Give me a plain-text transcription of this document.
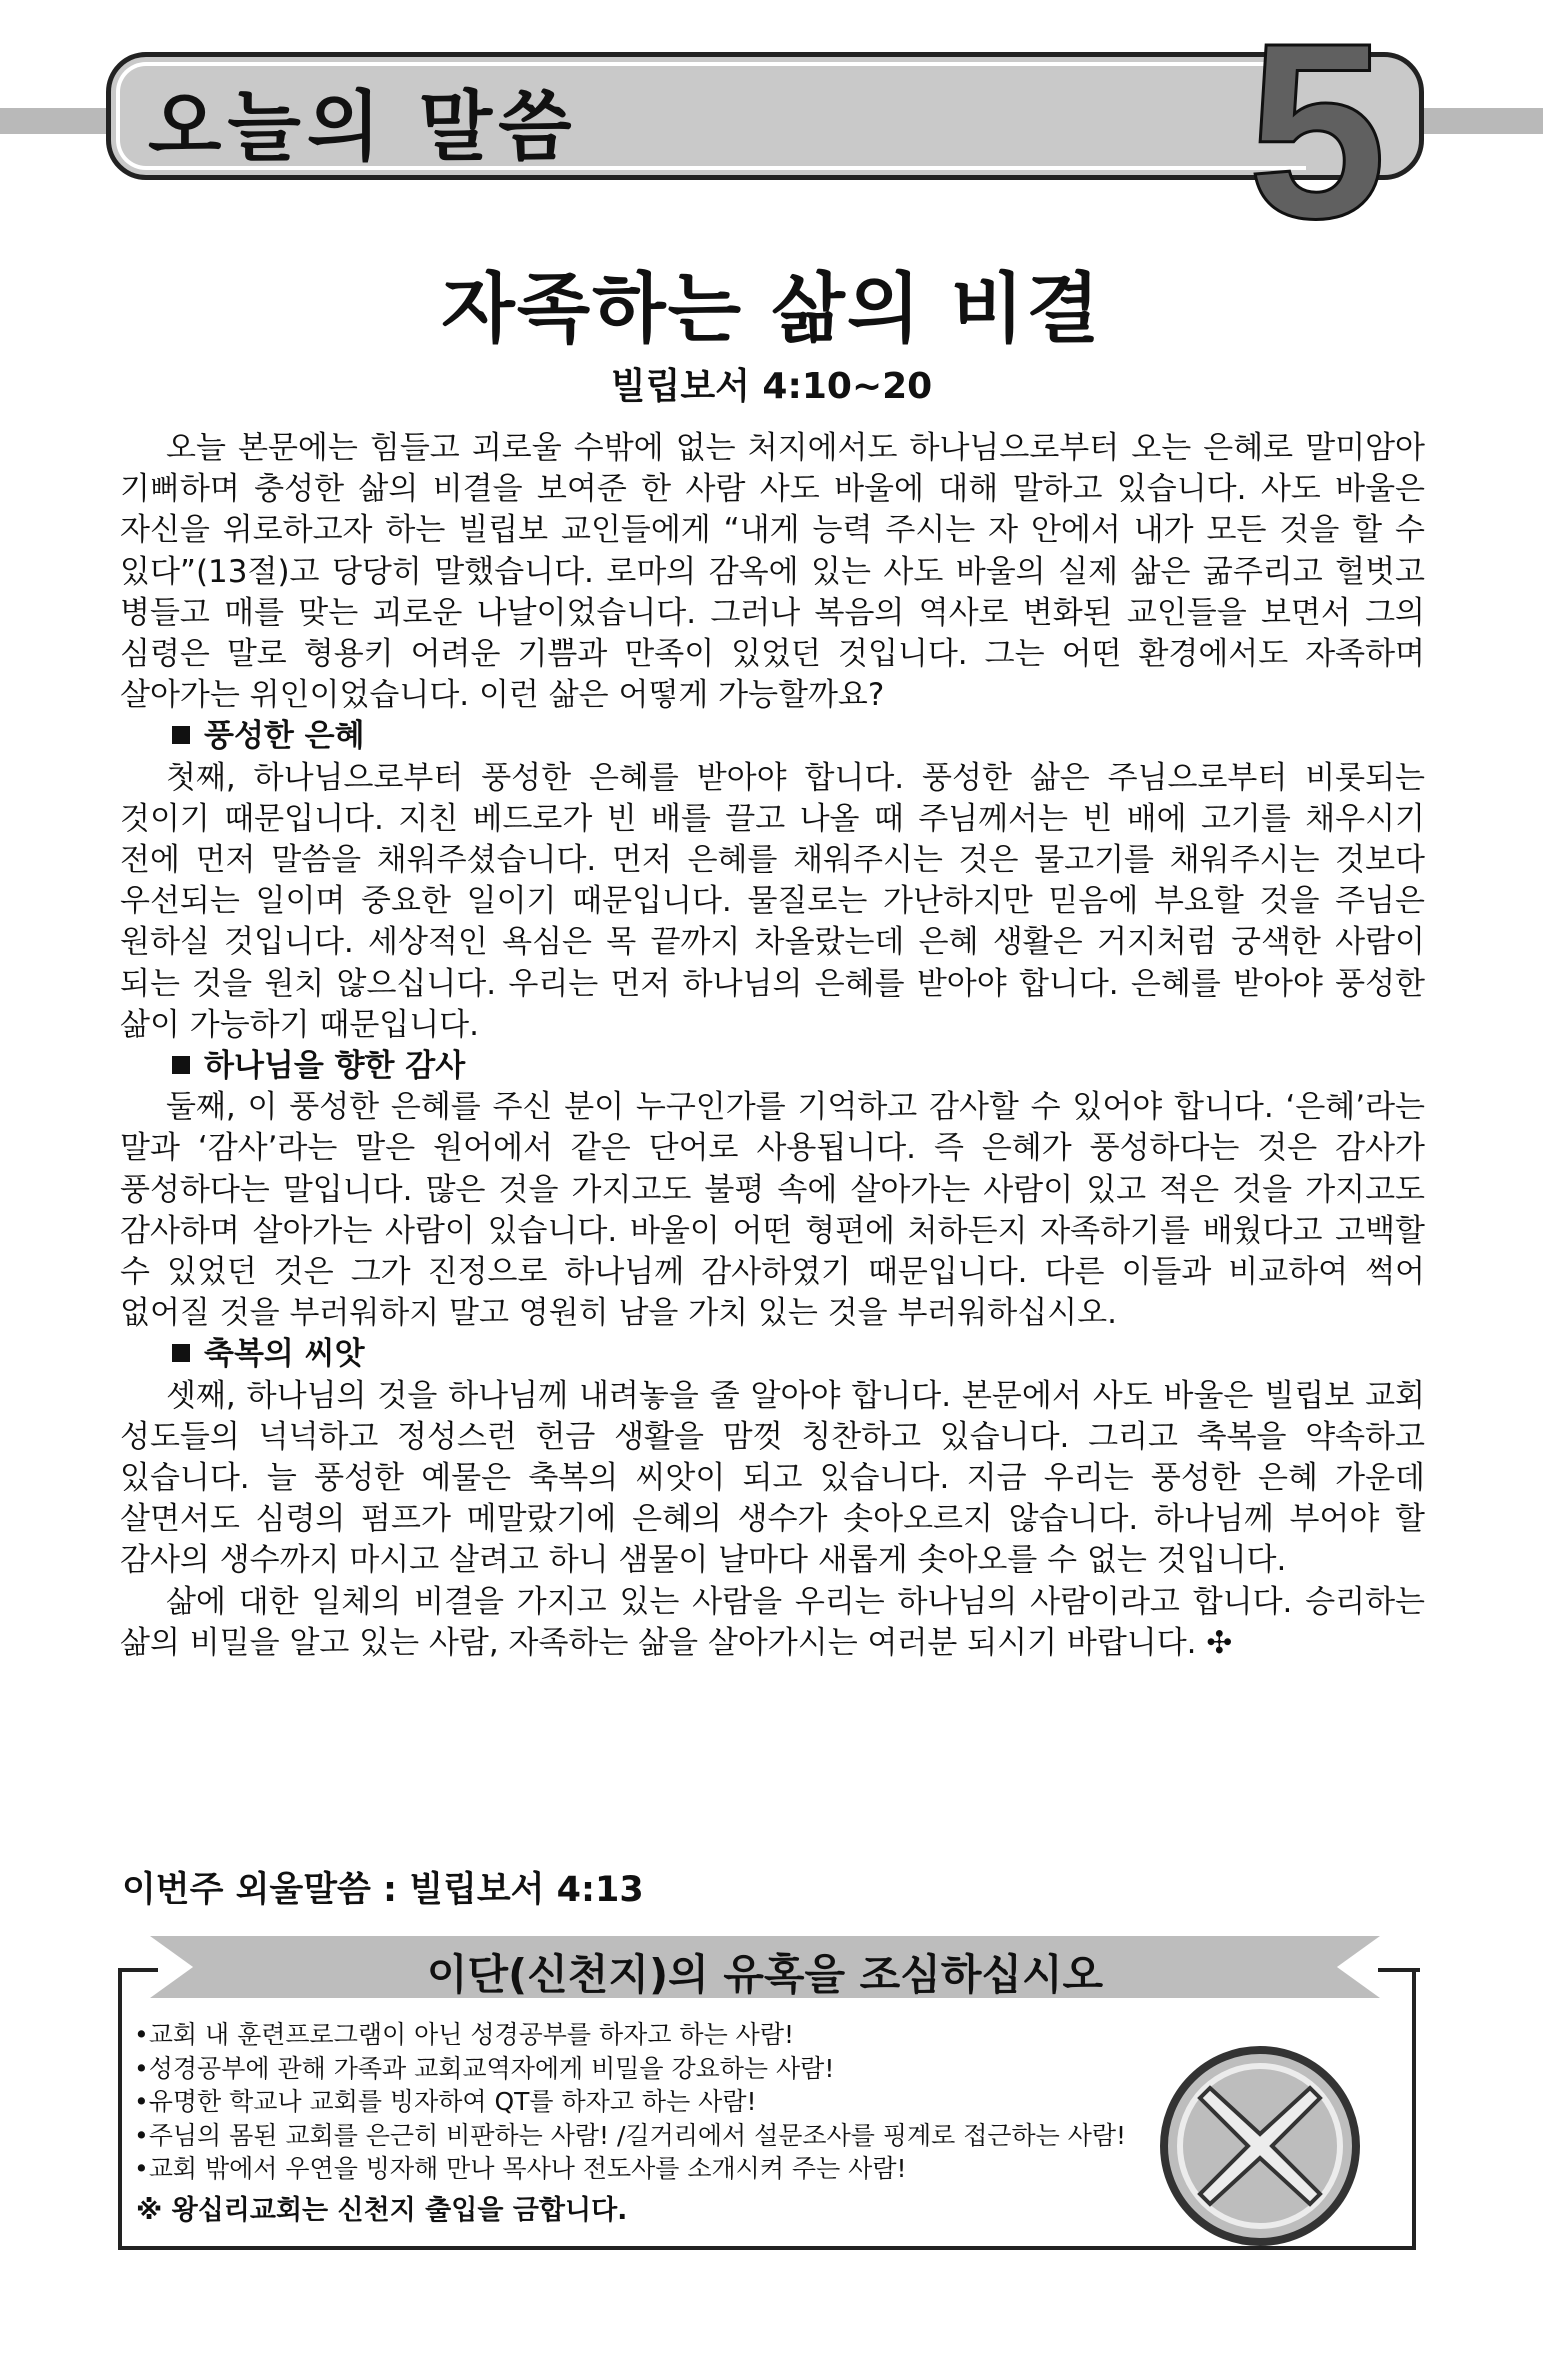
오늘의 말씀	5
자족하는 삶의 비결
빌립보서 4:10~20

오늘 본문에는 힘들고 괴로울 수밖에 없는 처지에서도 하나님으로부터 오는 은혜로 말미암아 기뻐하며 충성한 삶의 비결을 보여준 한 사람 사도 바울에 대해 말하고 있습니다. 사도 바울은 자신을 위로하고자 하는 빌립보 교인들에게 “내게 능력 주시는 자 안에서 내가 모든 것을 할 수 있다”(13절)고 당당히 말했습니다. 로마의 감옥에 있는 사도 바울의 실제 삶은 굶주리고 헐벗고 병들고 매를 맞는 괴로운 나날이었습니다. 그러나 복음의 역사로 변화된 교인들을 보면서 그의 심령은 말로 형용키 어려운 기쁨과 만족이 있었던 것입니다. 그는 어떤 환경에서도 자족하며 살아가는 위인이었습니다. 이런 삶은 어떻게 가능할까요?

풍성한 은혜

첫째, 하나님으로부터 풍성한 은혜를 받아야 합니다. 풍성한 삶은 주님으로부터 비롯되는 것이기 때문입니다. 지친 베드로가 빈 배를 끌고 나올 때 주님께서는 빈 배에 고기를 채우시기 전에 먼저 말씀을 채워주셨습니다. 먼저 은혜를 채워주시는 것은 물고기를 채워주시는 것보다 우선되는 일이며 중요한 일이기 때문입니다. 물질로는 가난하지만 믿음에 부요할 것을 주님은 원하실 것입니다. 세상적인 욕심은 목 끝까지 차올랐는데 은혜 생활은 거지처럼 궁색한 사람이 되는 것을 원치 않으십니다. 우리는 먼저 하나님의 은혜를 받아야 합니다. 은혜를 받아야 풍성한 삶이 가능하기 때문입니다.

하나님을 향한 감사

둘째, 이 풍성한 은혜를 주신 분이 누구인가를 기억하고 감사할 수 있어야 합니다. ‘은혜’라는 말과 ‘감사’라는 말은 원어에서 같은 단어로 사용됩니다. 즉 은혜가 풍성하다는 것은 감사가 풍성하다는 말입니다. 많은 것을 가지고도 불평 속에 살아가는 사람이 있고 적은 것을 가지고도 감사하며 살아가는 사람이 있습니다. 바울이 어떤 형편에 처하든지 자족하기를 배웠다고 고백할 수 있었던 것은 그가 진정으로 하나님께 감사하였기 때문입니다. 다른 이들과 비교하여 썩어 없어질 것을 부러워하지 말고 영원히 남을 가치 있는 것을 부러워하십시오.

축복의 씨앗

셋째, 하나님의 것을 하나님께 내려놓을 줄 알아야 합니다. 본문에서 사도 바울은 빌립보 교회 성도들의 넉넉하고 정성스런 헌금 생활을 맘껏 칭찬하고 있습니다. 그리고 축복을 약속하고 있습니다. 늘 풍성한 예물은 축복의 씨앗이 되고 있습니다. 지금 우리는 풍성한 은혜 가운데 살면서도 심령의 펌프가 메말랐기에 은혜의 생수가 솟아오르지 않습니다. 하나님께 부어야 할 감사의 생수까지 마시고 살려고 하니 샘물이 날마다 새롭게 솟아오를 수 없는 것입니다.

삶에 대한 일체의 비결을 가지고 있는 사람을 우리는 하나님의 사람이라고 합니다. 승리하는 삶의 비밀을 알고 있는 사람, 자족하는 삶을 살아가시는 여러분 되시기 바랍니다. ✣

이번주 외울말씀 : 빌립보서 4:13
이단(신천지)의 유혹을 조심하십시오
•교회 내 훈련프로그램이 아닌 성경공부를 하자고 하는 사람!
•성경공부에 관해 가족과 교회교역자에게 비밀을 강요하는 사람!
•유명한 학교나 교회를 빙자하여 QT를 하자고 하는 사람!
•주님의 몸된 교회를 은근히 비판하는 사람! /길거리에서 설문조사를 핑계로 접근하는 사람!
•교회 밖에서 우연을 빙자해 만나 목사나 전도사를 소개시켜 주는 사람!
※ 왕십리교회는 신천지 출입을 금합니다.
